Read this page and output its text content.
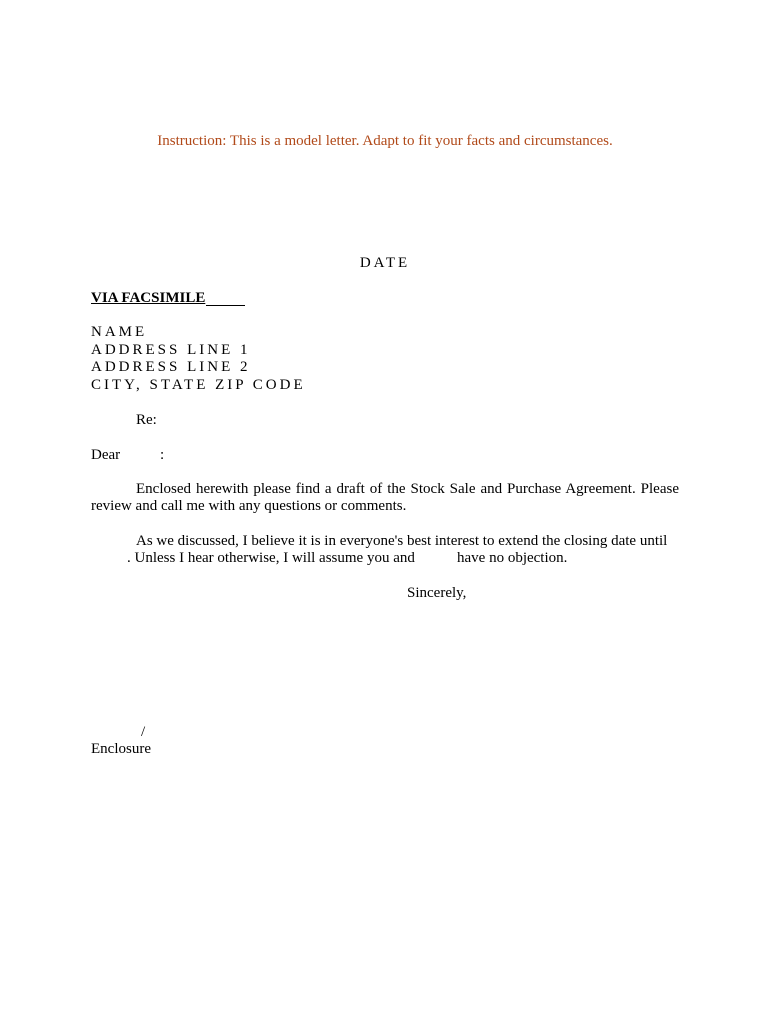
Instruction: This is a model letter. Adapt to fit your facts and circumstances.
DATE
VIA FACSIMILE
NAME
ADDRESS LINE 1
ADDRESS LINE 2
CITY, STATE ZIP CODE
Re:
Dear	:
Enclosed herewith please find a draft of the Stock Sale and Purchase Agreement. Please review and call me with any questions or comments.
As we discussed, I believe it is in everyone's best interest to extend the closing date until
. Unless I hear otherwise, I will assume you and	have no objection.
Sincerely,
/
Enclosure
